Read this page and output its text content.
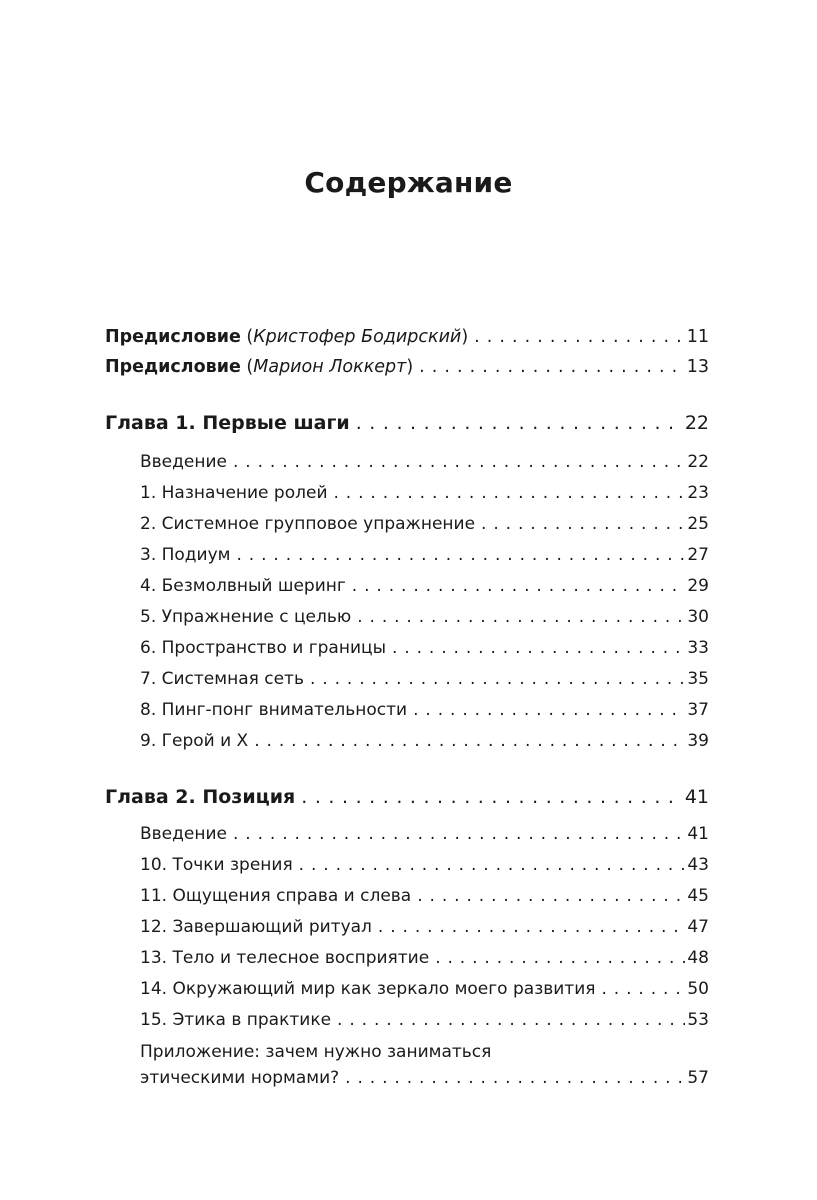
Содержание
Предисловие (Кристофер Бодирский) . . .	11
Предисловие (Марион Локкерт) . . .	13
Глава 1. Первые шаги . . .	22
Введение . . .	22
1. Назначение ролей . . .	23
2. Системное групповое упражнение . . .	25
3. Подиум . . .	27
4. Безмолвный шеринг . . .	29
5. Упражнение с целью . . .	30
6. Пространство и границы . . .	33
7. Системная сеть . . .	35
8. Пинг-понг внимательности . . .	37
9. Герой и Х . . .	39
Глава 2. Позиция . . .	41
Введение . . .	41
10. Точки зрения . . .	43
11. Ощущения справа и слева . . .	45
12. Завершающий ритуал . . .	47
13. Тело и телесное восприятие . . .	48
14. Окружающий мир как зеркало моего развития . . .	50
15. Этика в практике . . .	53
Приложение: зачем нужно заниматься
этическими нормами? . . .	57
